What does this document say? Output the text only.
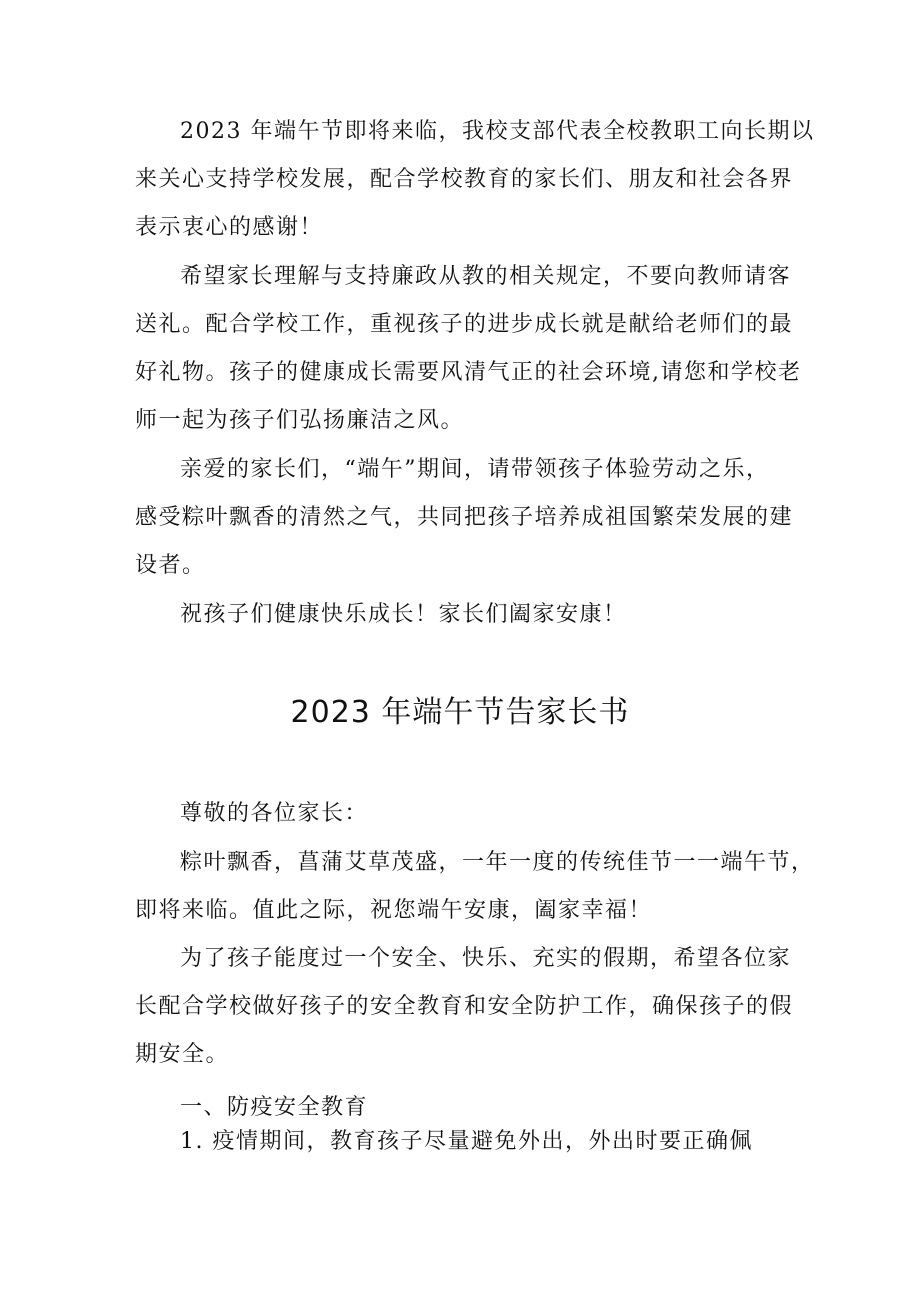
2023 年端午节即将来临，我校支部代表全校教职工向长期以
来关心支持学校发展，配合学校教育的家长们、朋友和社会各界
表示衷心的感谢！
希望家长理解与支持廉政从教的相关规定，不要向教师请客
送礼。配合学校工作，重视孩子的进步成长就是献给老师们的最
好礼物。孩子的健康成长需要风清气正的社会环境,请您和学校老
师一起为孩子们弘扬廉洁之风。
亲爱的家长们，“端午”期间，请带领孩子体验劳动之乐，
感受粽叶飘香的清然之气，共同把孩子培养成祖国繁荣发展的建
设者。
祝孩子们健康快乐成长！家长们阖家安康！
2023 年端午节告家长书
尊敬的各位家长：
粽叶飘香，菖蒲艾草茂盛，一年一度的传统佳节一一端午节，
即将来临。值此之际，祝您端午安康，阖家幸福！
为了孩子能度过一个安全、快乐、充实的假期，希望各位家
长配合学校做好孩子的安全教育和安全防护工作，确保孩子的假
期安全。
一、防疫安全教育
1. 疫情期间，教育孩子尽量避免外出，外出时要正确佩
